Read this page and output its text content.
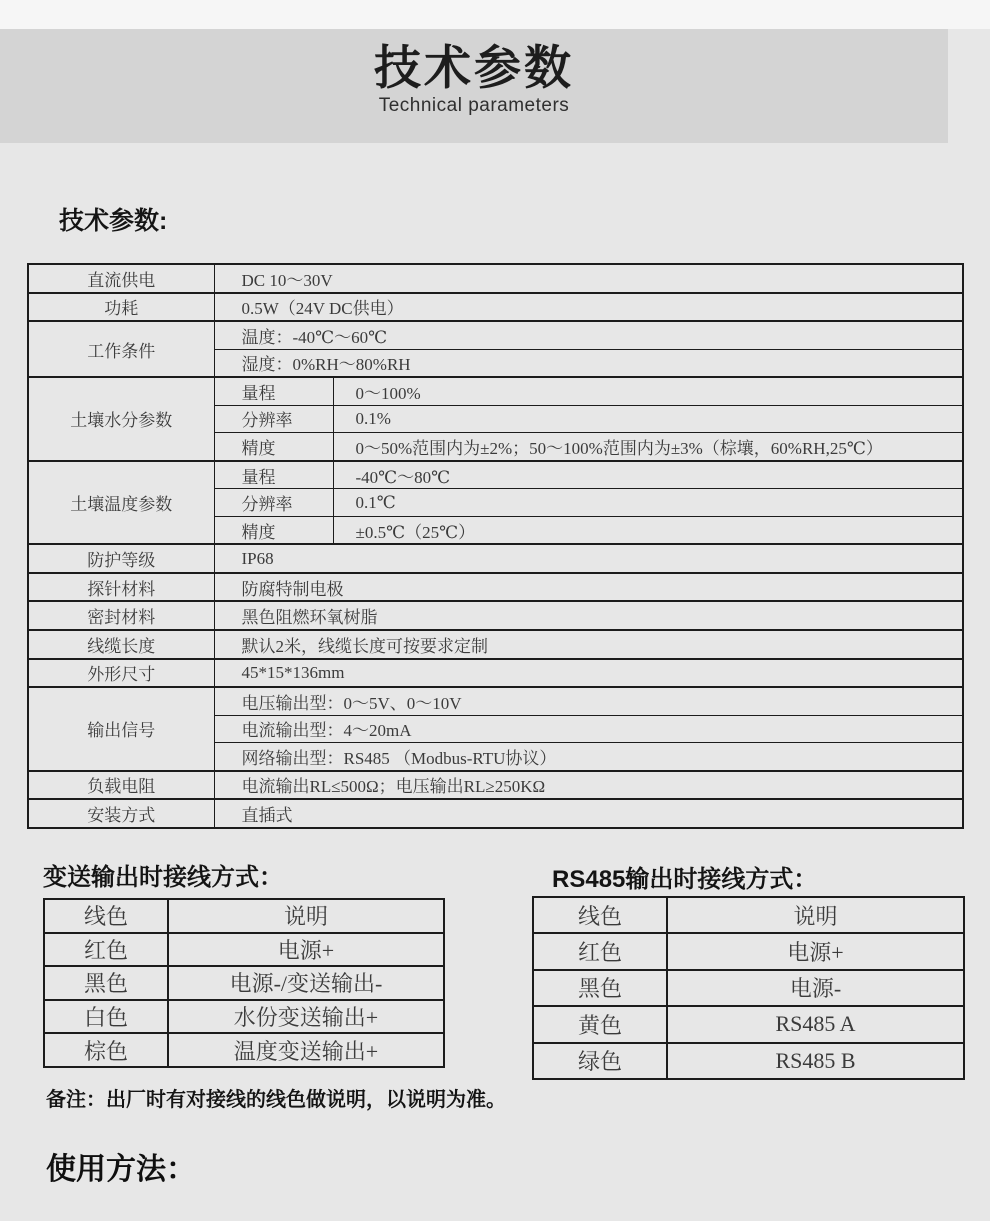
技术参数

Technical parameters

技术参数:
直流供电	DC 10～30V	
功耗	0.5W（24V DC供电）	
工作条件	温度：-40℃～60℃	
	湿度：0%RH～80%RH	
土壤水分参数	量程	0～100%
	分辨率	0.1%
	精度	0～50%范围内为±2%；50～100%范围内为±3%（棕壤，60%RH,25℃）
土壤温度参数	量程	-40℃～80℃
	分辨率	0.1℃
	精度	±0.5℃（25℃）
防护等级	IP68	
探针材料	防腐特制电极	
密封材料	黑色阻燃环氧树脂	
线缆长度	默认2米，线缆长度可按要求定制	
外形尺寸	45*15*136mm	
输出信号	电压输出型：0～5V、0～10V	
	电流输出型：4～20mA	
	网络输出型：RS485 （Modbus-RTU协议）	
负载电阻	电流输出RL≤500Ω；电压输出RL≥250KΩ	
安装方式	直插式	
变送输出时接线方式：
线色	说明
红色	电源+
黑色	电源-/变送输出-
白色	水份变送输出+
棕色	温度变送输出+
RS485输出时接线方式：
线色	说明
红色	电源+
黑色	电源-
黄色	RS485 A
绿色	RS485 B
备注：出厂时有对接线的线色做说明，以说明为准。
使用方法：
